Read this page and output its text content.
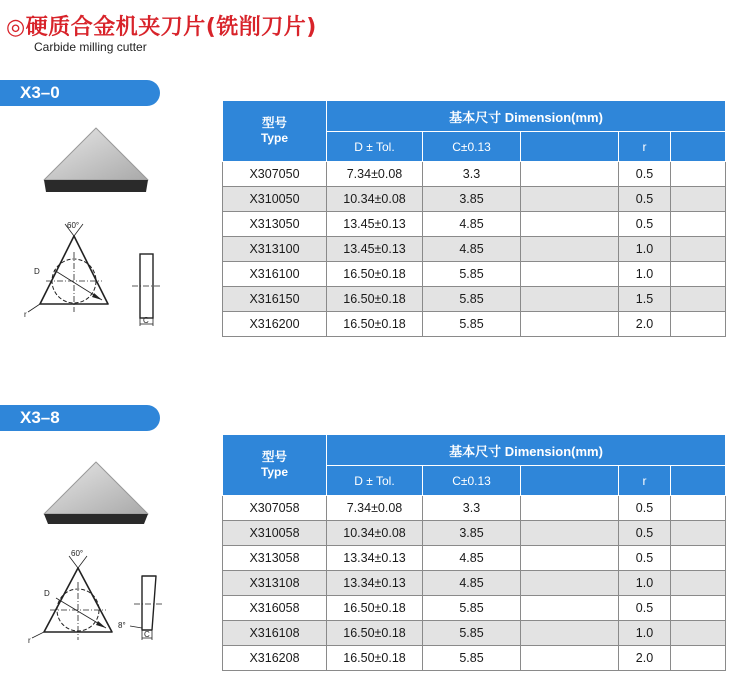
◎硬质合金机夹刀片(铣削刀片)
Carbide milling cutter
X3–0
60°
D
r
C
型号
Type	基本尺寸 Dimension(mm)				
	D ± Tol.	C±0.13		r	
X307050	7.34±0.08	3.3		0.5	
X310050	10.34±0.08	3.85		0.5	
X313050	13.45±0.13	4.85		0.5	
X313100	13.45±0.13	4.85		1.0	
X316100	16.50±0.18	5.85		1.0	
X316150	16.50±0.18	5.85		1.5	
X316200	16.50±0.18	5.85		2.0	
X3–8
60°
D
r
C
8°
型号
Type	基本尺寸 Dimension(mm)				
	D ± Tol.	C±0.13		r	
X307058	7.34±0.08	3.3		0.5	
X310058	10.34±0.08	3.85		0.5	
X313058	13.34±0.13	4.85		0.5	
X313108	13.34±0.13	4.85		1.0	
X316058	16.50±0.18	5.85		0.5	
X316108	16.50±0.18	5.85		1.0	
X316208	16.50±0.18	5.85		2.0	
